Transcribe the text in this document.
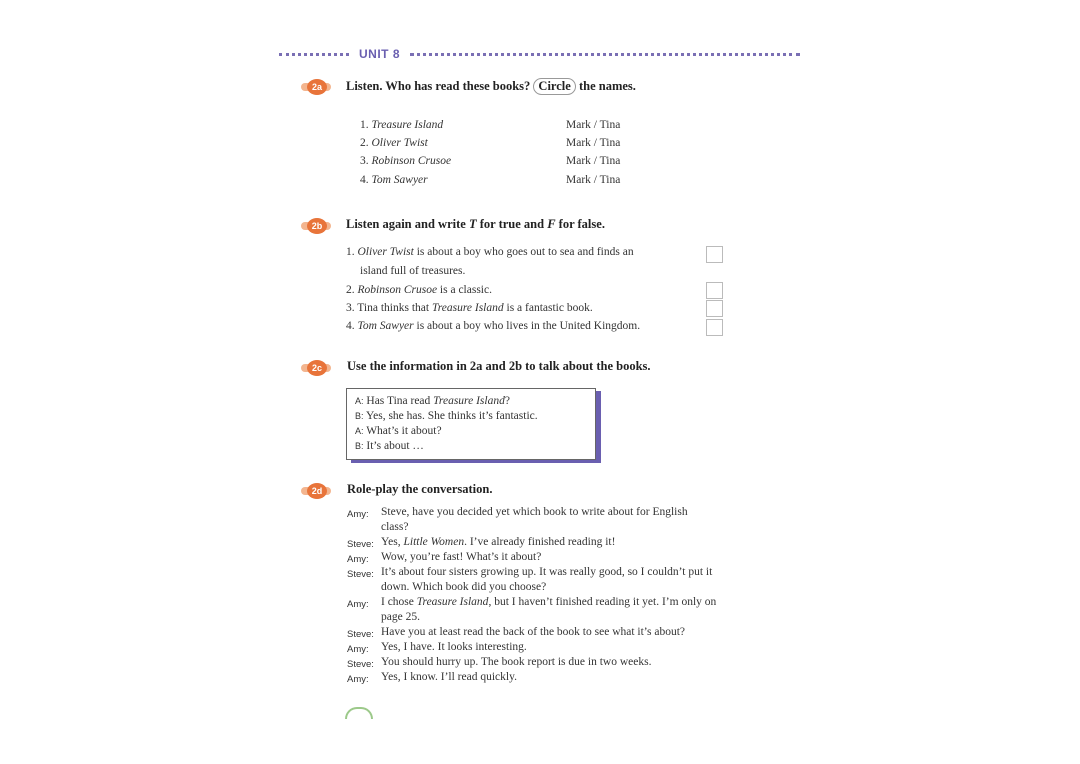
UNIT 8
2a	Listen. Who has read these books? Circle the names.
1. Treasure Island	Mark / Tina
2. Oliver Twist	Mark / Tina
3. Robinson Crusoe	Mark / Tina
4. Tom Sawyer	Mark / Tina
2b	Listen again and write T for true and F for false.
1. Oliver Twist is about a boy who goes out to sea and finds an
island full of treasures.
2. Robinson Crusoe is a classic.
3. Tina thinks that Treasure Island is a fantastic book.
4. Tom Sawyer is about a boy who lives in the United Kingdom.
2c	Use the information in 2a and 2b to talk about the books.
A: Has Tina read Treasure Island?
B: Yes, she has. She thinks it’s fantastic.
A: What’s it about?
B: It’s about …
2d	Role-play the conversation.
Amy: Steve, have you decided yet which book to write about for English
class?
Steve: Yes, Little Women. I’ve already finished reading it!
Amy: Wow, you’re fast! What’s it about?
Steve: It’s about four sisters growing up. It was really good, so I couldn’t put it
down. Which book did you choose?
Amy: I chose Treasure Island, but I haven’t finished reading it yet. I’m only on
page 25.
Steve: Have you at least read the back of the book to see what it’s about?
Amy: Yes, I have. It looks interesting.
Steve: You should hurry up. The book report is due in two weeks.
Amy: Yes, I know. I’ll read quickly.
